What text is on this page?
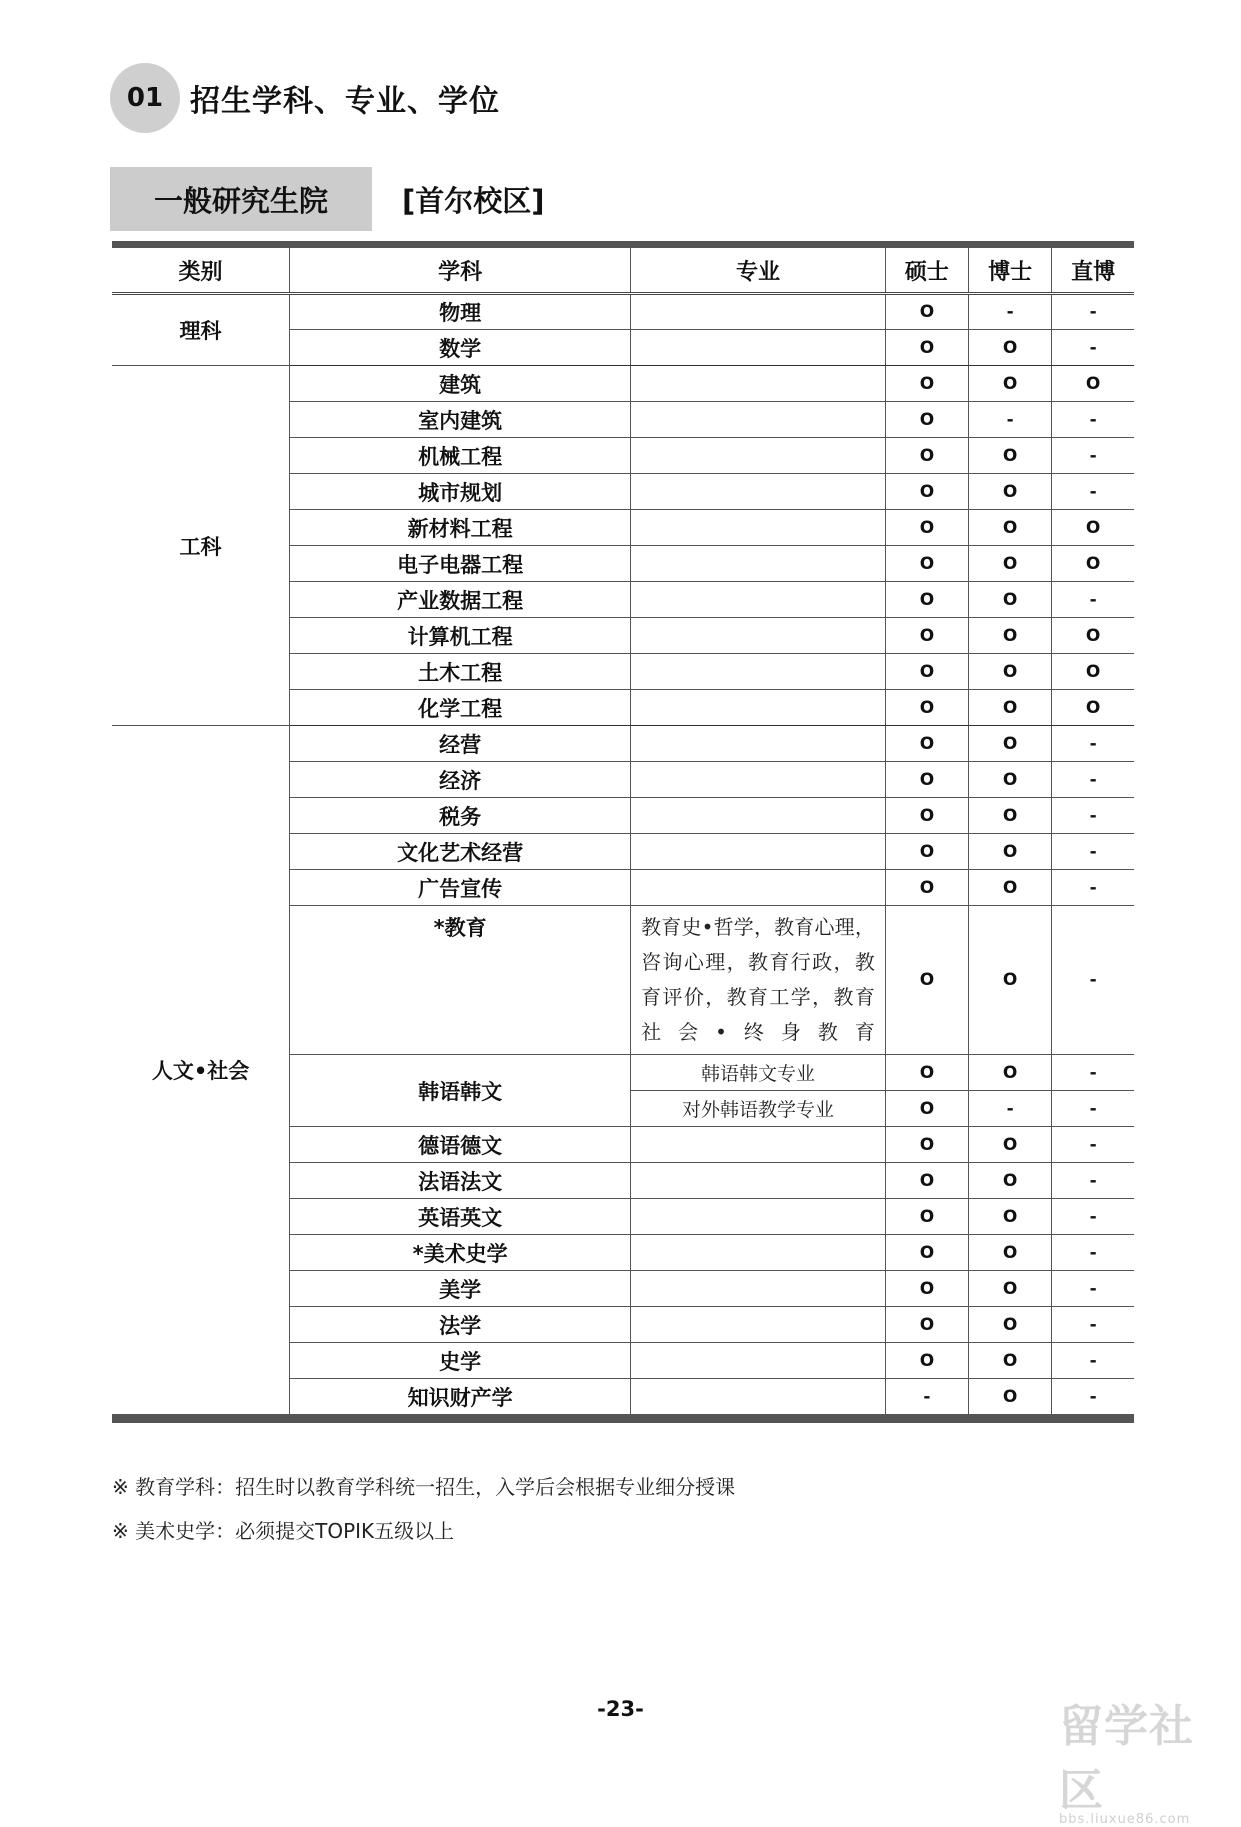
01 招生学科、专业、学位
一般研究生院	[首尔校区]
类别	学科	专业	硕士	博士	直博

理科	物理		O	-	-
	数学		O	O	-
工科	建筑		O	O	O
	室内建筑		O	-	-
	机械工程		O	O	-
	城市规划		O	O	-
	新材料工程		O	O	O
	电子电器工程		O	O	O
	产业数据工程		O	O	-
	计算机工程		O	O	O
	土木工程		O	O	O
	化学工程		O	O	O
人文•社会	经营		O	O	-
	经济		O	O	-
	税务		O	O	-
	文化艺术经营		O	O	-
	广告宣传		O	O	-
	*教育	教育史•哲学，教育心理，咨询心理，教育行政，教育评价，教育工学，教育社会•终身教育	O	O	-
	韩语韩文	韩语韩文专业	O	O	-
		对外韩语教学专业	O	-	-
	德语德文		O	O	-
	法语法文		O	O	-
	英语英文		O	O	-
	*美术史学		O	O	-
	美学		O	O	-
	法学		O	O	-
	史学		O	O	-
	知识财产学		-	O	-
※ 教育学科：招生时以教育学科统一招生，入学后会根据专业细分授课
※ 美术史学：必须提交TOPIK五级以上
-23-	留学社区
bbs.liuxue86.com
